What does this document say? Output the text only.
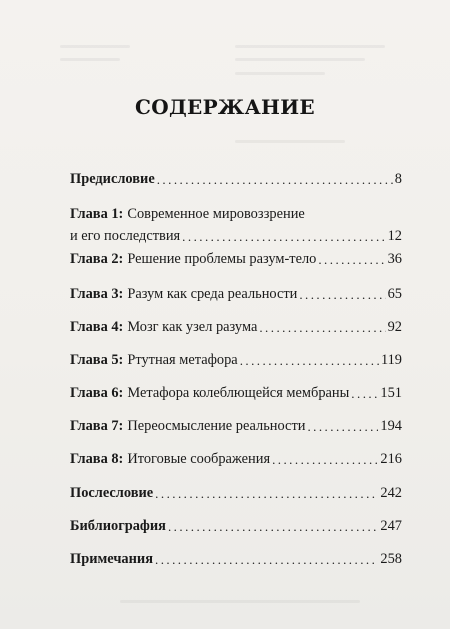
СОДЕРЖАНИЕ
Предисловие . . .	8
Глава 1: Современное мировоззрение
и его последствия . . .	12
Глава 2: Решение проблемы разум-тело . . .	36
Глава 3: Разум как среда реальности . . .	65
Глава 4: Мозг как узел разума . . .	92
Глава 5: Ртутная метафора . . .	119
Глава 6: Метафора колеблющейся мембраны . . . 151
Глава 7: Переосмысление реальности . . .	194
Глава 8: Итоговые соображения . . .	216
Послесловие . . .	242
Библиография . . .	247
Примечания . . .	258
